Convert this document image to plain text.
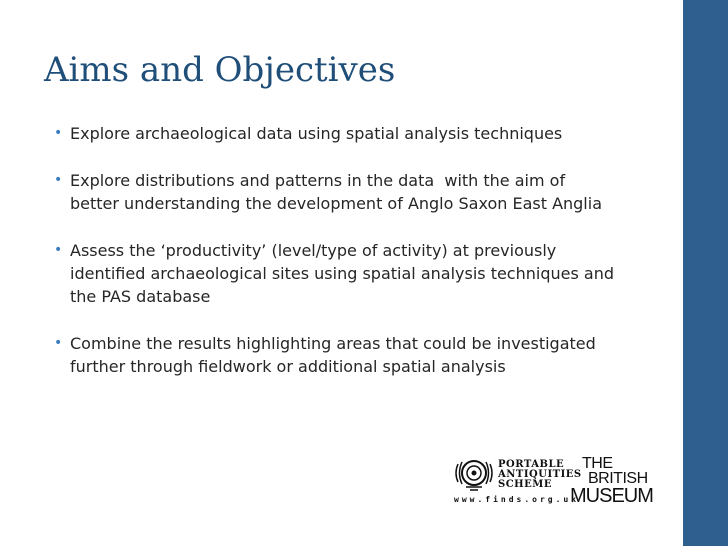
Aims and Objectives
• Explore archaeological data using spatial analysis techniques
• Explore distributions and patterns in the data  with the aim of
better understanding the development of Anglo Saxon East Anglia
• Assess the ‘productivity’ (level/type of activity) at previously
identified archaeological sites using spatial analysis techniques and
the PAS database
• Combine the results highlighting areas that could be investigated
further through fieldwork or additional spatial analysis
PORTABLE
ANTIQUITIES
SCHEME
www.finds.org.uk
THE
BRITISH
MUSEUM
